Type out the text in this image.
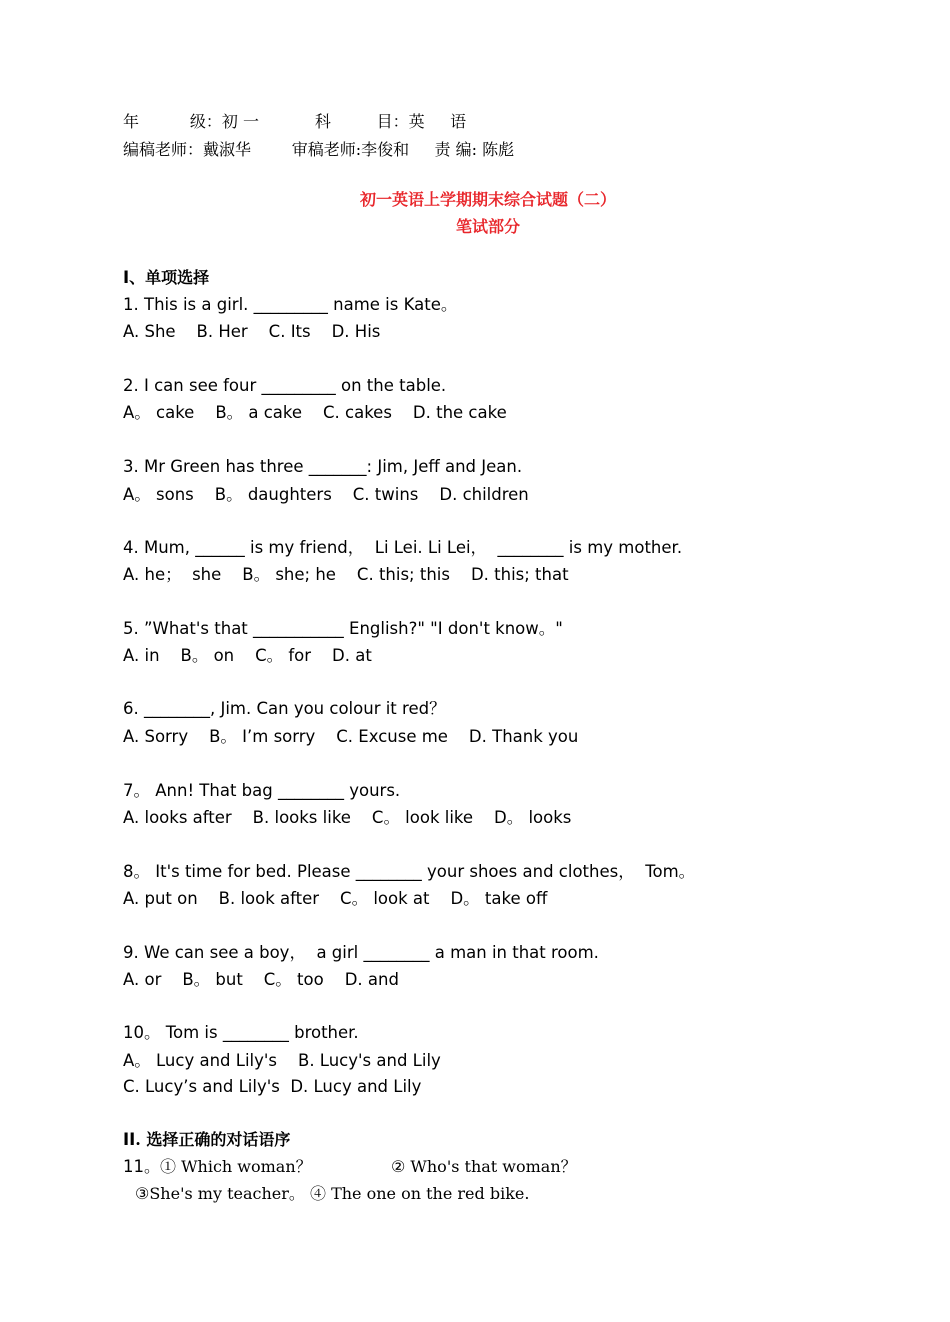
年          级：初 一           科         目：英     语
编稿老师：戴淑华        审稿老师:李俊和     责 编: 陈彪
初一英语上学期期末综合试题（二）
笔试部分
I、单项选择
1. This is a girl. _________ name is Kate。
A. She    B. Her    C. Its    D. His
2. I can see four _________ on the table.
A。 cake    B。 a cake    C. cakes    D. the cake
3. Mr Green has three _______: Jim, Jeff and Jean.
A。 sons    B。 daughters    C. twins    D. children
4. Mum, ______ is my friend，  Li Lei. Li Lei，  ________ is my mother.
A. he；  she    B。 she; he    C. this; this    D. this; that
5. ”What's that ___________ English?" "I don't know。"
A. in    B。 on    C。 for    D. at
6. ________, Jim. Can you colour it red？
A. Sorry    B。 I’m sorry    C. Excuse me    D. Thank you
7。 Ann! That bag ________ yours.
A. looks after    B. looks like    C。 look like    D。 looks
8。 It's time for bed. Please ________ your shoes and clothes，  Tom。
A. put on    B. look after    C。 look at    D。 take off
9. We can see a boy，  a girl ________ a man in that room.
A. or    B。 but    C。 too    D. and
10。 Tom is ________ brother.
A。 Lucy and Lily's    B. Lucy's and Lily
C. Lucy’s and Lily's  D. Lucy and Lily
II. 选择正确的对话语序
11。① Which woman？	② Who's that woman？
③She's my teacher。 ④ The one on the red bike.
